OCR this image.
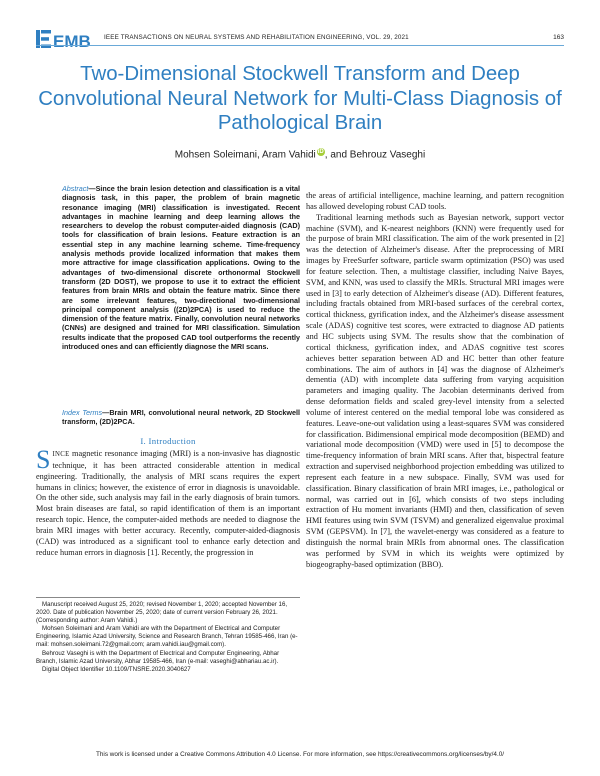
EMB IEEE TRANSACTIONS ON NEURAL SYSTEMS AND REHABILITATION ENGINEERING, VOL. 29, 2021	163
Two-Dimensional Stockwell Transform and Deep Convolutional Neural Network for Multi-Class Diagnosis of Pathological Brain
Mohsen Soleimani, Aram Vahidi iD, and Behrouz Vaseghi
Abstract—Since the brain lesion detection and classification is a vital diagnosis task, in this paper, the problem of brain magnetic resonance imaging (MRI) classification is investigated. Recent advantages in machine learning and deep learning allows the researchers to develop the robust computer-aided diagnosis (CAD) tools for classification of brain lesions. Feature extraction is an essential step in any machine learning scheme. Time-frequency analysis methods provide localized information that makes them more attractive for image classification applications. Owing to the advantages of two-dimensional discrete orthonormal Stockwell transform (2D DOST), we propose to use it to extract the efficient features from brain MRIs and obtain the feature matrix. Since there are some irrelevant features, two-directional two-dimensional principal component analysis ((2D)2PCA) is used to reduce the dimension of the feature matrix. Finally, convolution neural networks (CNNs) are designed and trained for MRI classification. Simulation results indicate that the proposed CAD tool outperforms the recently introduced ones and can efficiently diagnose the MRI scans.
Index Terms—Brain MRI, convolutional neural network, 2D Stockwell transform, (2D)2PCA.
I. Introduction
SINCE magnetic resonance imaging (MRI) is a non-invasive has diagnostic technique, it has been attracted considerable attention in medical engineering. Traditionally, the analysis of MRI scans requires the expert humans in clinics; however, the existence of error in diagnosis is unavoidable. On the other side, such analysis may fail in the early diagnosis of brain tumors. Most brain diseases are fatal, so rapid identification of them is an important research topic. Hence, the computer-aided methods are needed to diagnose the brain MRI images with better accuracy. Recently, computer-aided-diagnosis (CAD) was introduced as a significant tool to enhance early detection and reduce human errors in diagnosis [1]. Recently, the progression in

Manuscript received August 25, 2020; revised November 1, 2020; accepted November 16, 2020. Date of publication November 25, 2020; date of current version February 26, 2021. (Corresponding author: Aram Vahidi.)

Mohsen Soleimani and Aram Vahidi are with the Department of Electrical and Computer Engineering, Islamic Azad University, Science and Research Branch, Tehran 19585-466, Iran (e-mail: mohsen.soleimani.72@gmail.com; aram.vahidi.iau@gmail.com).

Behrouz Vaseghi is with the Department of Electrical and Computer Engineering, Abhar Branch, Islamic Azad University, Abhar 19585-466, Iran (e-mail: vaseghi@abhariau.ac.ir).

Digital Object Identifier 10.1109/TNSRE.2020.3040627

the areas of artificial intelligence, machine learning, and pattern recognition has allowed developing robust CAD tools.

Traditional learning methods such as Bayesian network, support vector machine (SVM), and K-nearest neighbors (KNN) were frequently used for the purpose of brain MRI classification. The aim of the work presented in [2] was the detection of Alzheimer's disease. After the preprocessing of MRI images by FreeSurfer software, particle swarm optimization (PSO) was used for feature selection. Then, a multistage classifier, including Naive Bayes, SVM, and KNN, was used to classify the MRIs. Structural MRI images were used in [3] to early detection of Alzheimer's disease (AD). Different features, including fractals obtained from MRI-based surfaces of the cerebral cortex, cortical thickness, gyrification index, and the Alzheimer's disease assessment scale (ADAS) cognitive test scores, were extracted to diagnose AD patients and HC subjects using SVM. The results show that the combination of cortical thickness, gyrification index, and ADAS cognitive test scores achieves better separation between AD and HC better than other feature combinations. The aim of authors in [4] was the diagnose of Alzheimer's dementia (AD) with incomplete data suffering from varying acquisition parameters and imaging quality. The Jacobian determinants derived from dense deformation fields and scaled grey-level intensity from a selected volume of interest centered on the medial temporal lobe was considered as features. Leave-one-out validation using a least-squares SVM was considered for classification. Bidimensional empirical mode decomposition (BEMD) and variational mode decomposition (VMD) were used in [5] to decompose the time-frequency information of brain MRI scans. After that, bispectral feature extraction and supervised neighborhood projection embedding was utilized to represent each feature in a new subspace. Finally, SVM was used for classification. Binary classification of brain MRI images, i.e., pathological or normal, was carried out in [6], which consists of two steps including extraction of Hu moment invariants (HMI) and then, classification of seven HMI features using twin SVM (TSVM) and generalized eigenvalue proximal SVM (GEPSVM). In [7], the wavelet-energy was considered as a feature to distinguish the normal brain MRIs from abnormal ones. The classification was performed by SVM in which its weights were optimized by biogeography-based optimization (BBO).

This work is licensed under a Creative Commons Attribution 4.0 License. For more information, see https://creativecommons.org/licenses/by/4.0/
